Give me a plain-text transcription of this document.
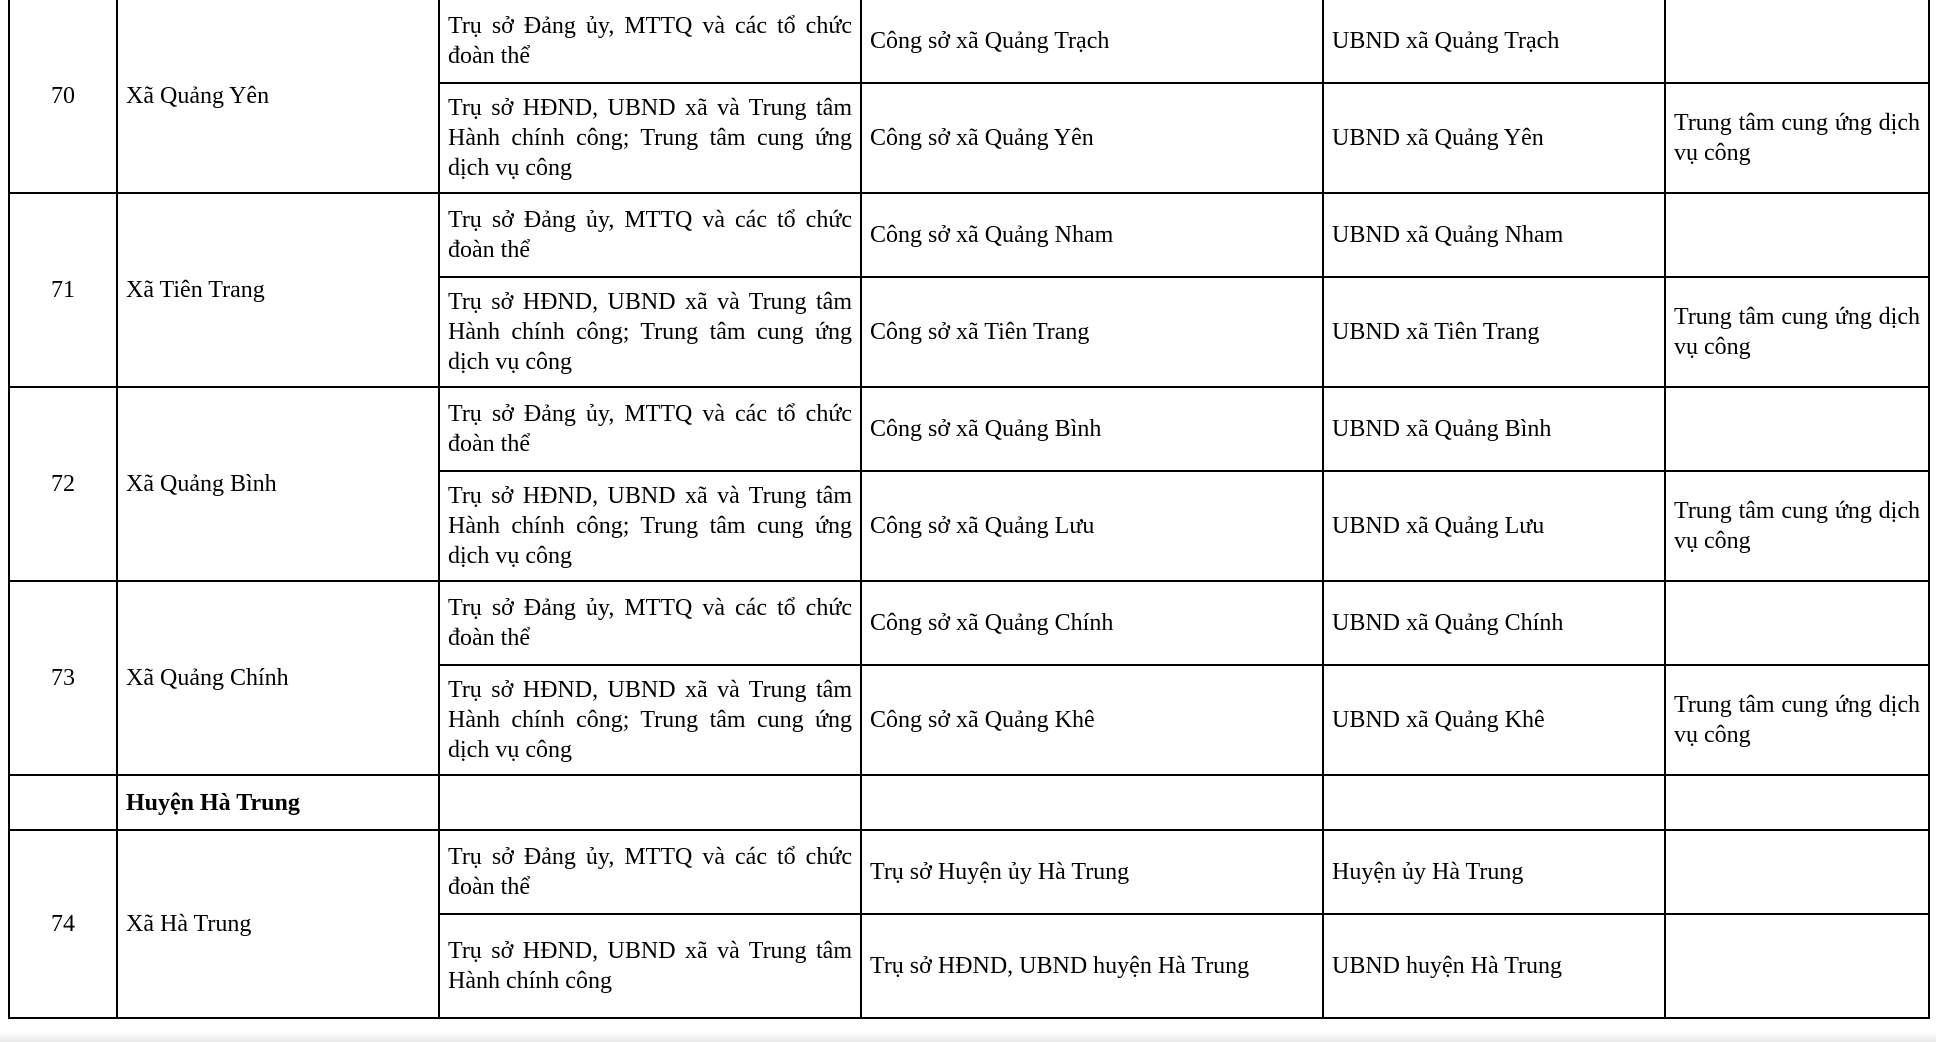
70	Xã Quảng Yên	Trụ sở Đảng ủy, MTTQ và các tổ chức đoàn thể	Công sở xã Quảng Trạch	UBND xã Quảng Trạch	
		Trụ sở HĐND, UBND xã và Trung tâm Hành chính công; Trung tâm cung ứng dịch vụ công	Công sở xã Quảng Yên	UBND xã Quảng Yên	Trung tâm cung ứng dịch vụ công
71	Xã Tiên Trang	Trụ sở Đảng ủy, MTTQ và các tổ chức đoàn thể	Công sở xã Quảng Nham	UBND xã Quảng Nham	
		Trụ sở HĐND, UBND xã và Trung tâm Hành chính công; Trung tâm cung ứng dịch vụ công	Công sở xã Tiên Trang	UBND xã Tiên Trang	Trung tâm cung ứng dịch vụ công
72	Xã Quảng Bình	Trụ sở Đảng ủy, MTTQ và các tổ chức đoàn thể	Công sở xã Quảng Bình	UBND xã Quảng Bình	
		Trụ sở HĐND, UBND xã và Trung tâm Hành chính công; Trung tâm cung ứng dịch vụ công	Công sở xã Quảng Lưu	UBND xã Quảng Lưu	Trung tâm cung ứng dịch vụ công
73	Xã Quảng Chính	Trụ sở Đảng ủy, MTTQ và các tổ chức đoàn thể	Công sở xã Quảng Chính	UBND xã Quảng Chính	
		Trụ sở HĐND, UBND xã và Trung tâm Hành chính công; Trung tâm cung ứng dịch vụ công	Công sở xã Quảng Khê	UBND xã Quảng Khê	Trung tâm cung ứng dịch vụ công
	Huyện Hà Trung				
74	Xã Hà Trung	Trụ sở Đảng ủy, MTTQ và các tổ chức đoàn thể	Trụ sở Huyện ủy Hà Trung	Huyện ủy Hà Trung	
		Trụ sở HĐND, UBND xã và Trung tâm Hành chính công	Trụ sở HĐND, UBND huyện Hà Trung	UBND huyện Hà Trung	
